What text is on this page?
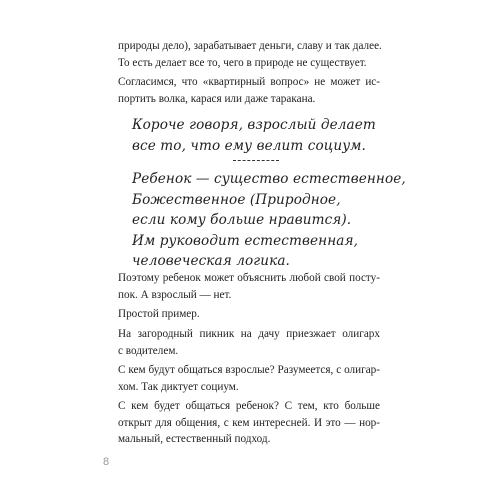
природы дело), зарабатывает деньги, славу и так далее.
То есть делает все то, чего в природе не существует.

Согласимся, что «квартирный вопрос» не может ис-
портить волка, карася или даже таракана.

Короче говоря, взрослый делает
все то, что ему велит социум.
Ребенок — существо естественное,
Божественное (Природное,
если кому больше нравится).
Им руководит естественная,
человеческая логика.

Поэтому ребенок может объяснить любой свой посту-
пок. А взрослый — нет.

Простой пример.

На загородный пикник на дачу приезжает олигарх
с водителем.

С кем будут общаться взрослые? Разумеется, с олигар-
хом. Так диктует социум.

С кем будет общаться ребенок? С тем, кто больше
открыт для общения, с кем интересней. И это — нор-
мальный, естественный подход.

8
